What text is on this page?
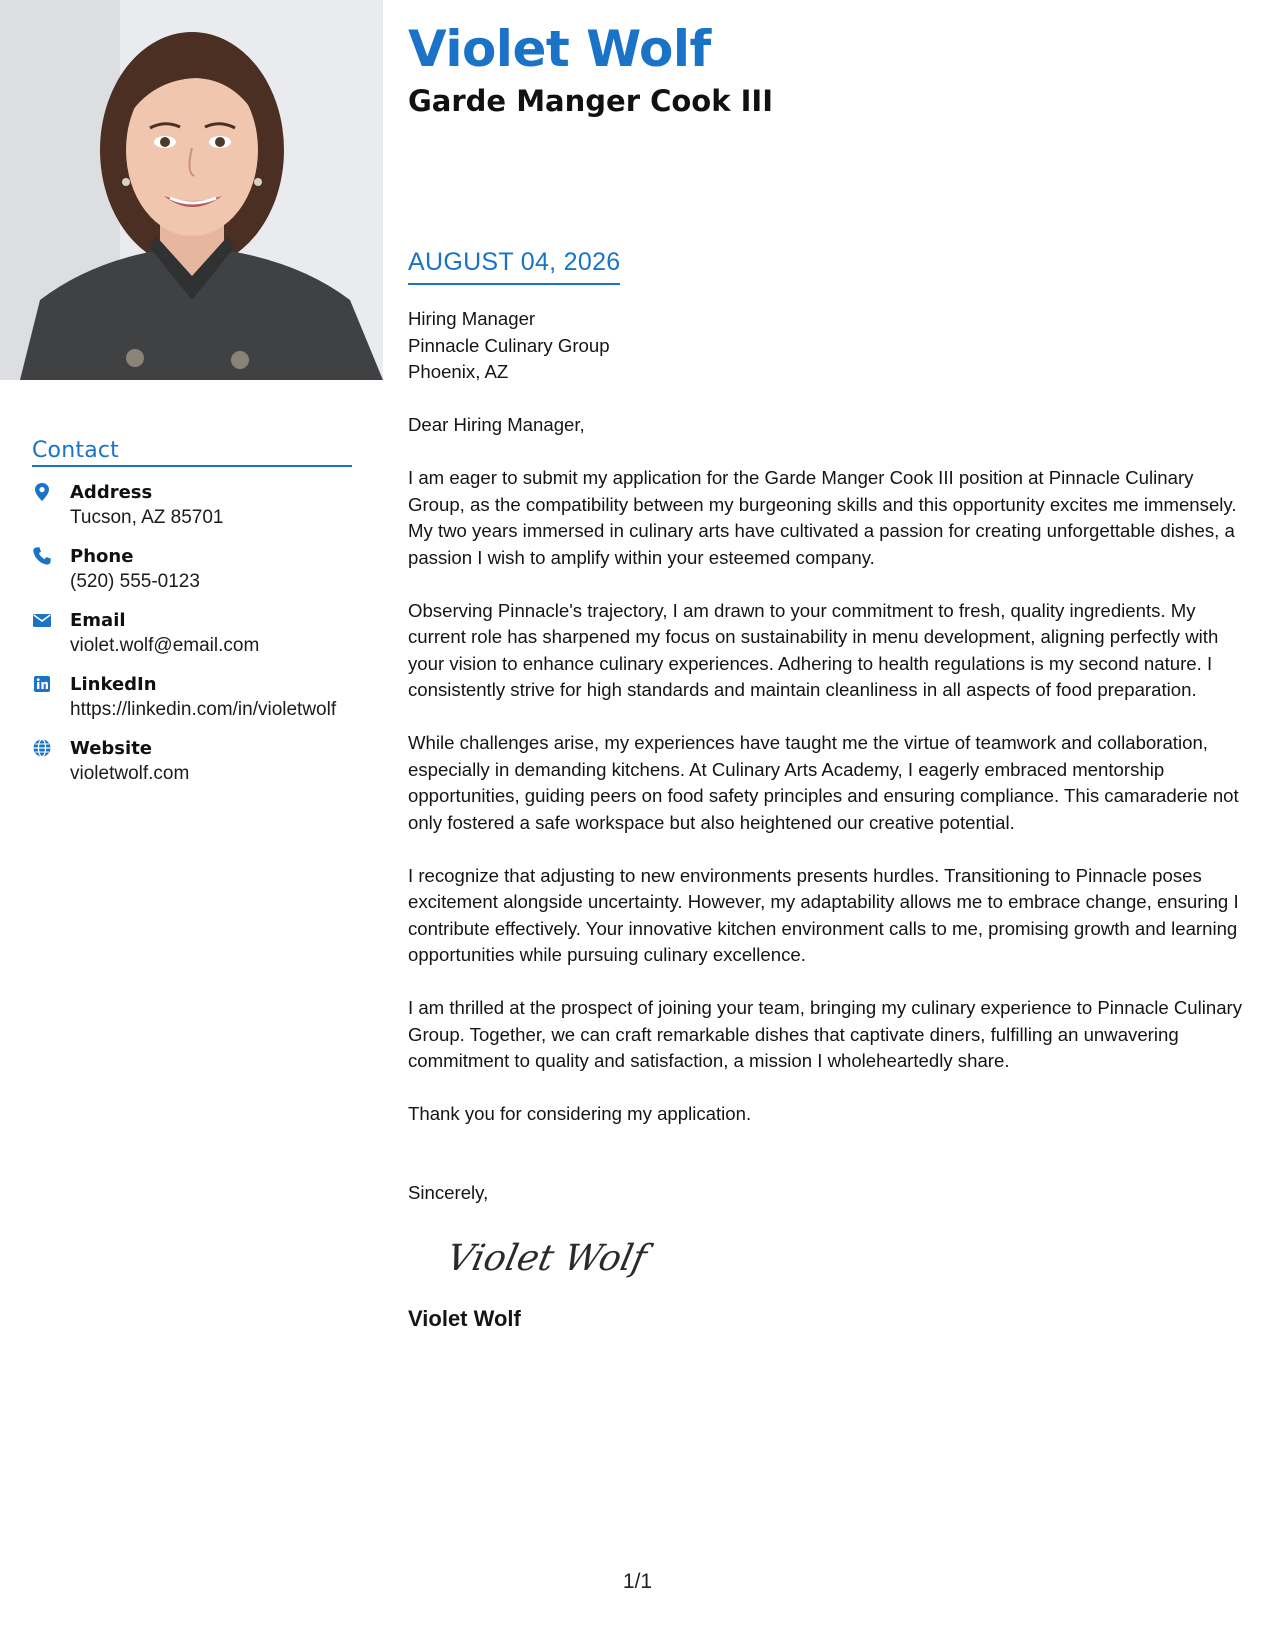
Contact
Address
Tucson, AZ 85701
Phone
(520) 555-0123
Email
violet.wolf@email.com
LinkedIn
https://linkedin.com/in/violetwolf
Website
violetwolf.com
Violet Wolf
Garde Manger Cook III
AUGUST 04, 2026

Hiring Manager

Pinnacle Culinary Group

Phoenix, AZ

Dear Hiring Manager,

I am eager to submit my application for the Garde Manger Cook III position at Pinnacle Culinary Group, as the compatibility between my burgeoning skills and this opportunity excites me immensely. My two years immersed in culinary arts have cultivated a passion for creating unforgettable dishes, a passion I wish to amplify within your esteemed company.

Observing Pinnacle's trajectory, I am drawn to your commitment to fresh, quality ingredients. My current role has sharpened my focus on sustainability in menu development, aligning perfectly with your vision to enhance culinary experiences. Adhering to health regulations is my second nature. I consistently strive for high standards and maintain cleanliness in all aspects of food preparation.

While challenges arise, my experiences have taught me the virtue of teamwork and collaboration, especially in demanding kitchens. At Culinary Arts Academy, I eagerly embraced mentorship opportunities, guiding peers on food safety principles and ensuring compliance. This camaraderie not only fostered a safe workspace but also heightened our creative potential.

I recognize that adjusting to new environments presents hurdles. Transitioning to Pinnacle poses excitement alongside uncertainty. However, my adaptability allows me to embrace change, ensuring I contribute effectively. Your innovative kitchen environment calls to me, promising growth and learning opportunities while pursuing culinary excellence.

I am thrilled at the prospect of joining your team, bringing my culinary experience to Pinnacle Culinary Group. Together, we can craft remarkable dishes that captivate diners, fulfilling an unwavering commitment to quality and satisfaction, a mission I wholeheartedly share.

Thank you for considering my application.

Sincerely,
Violet Wolf
Violet Wolf
1/1
